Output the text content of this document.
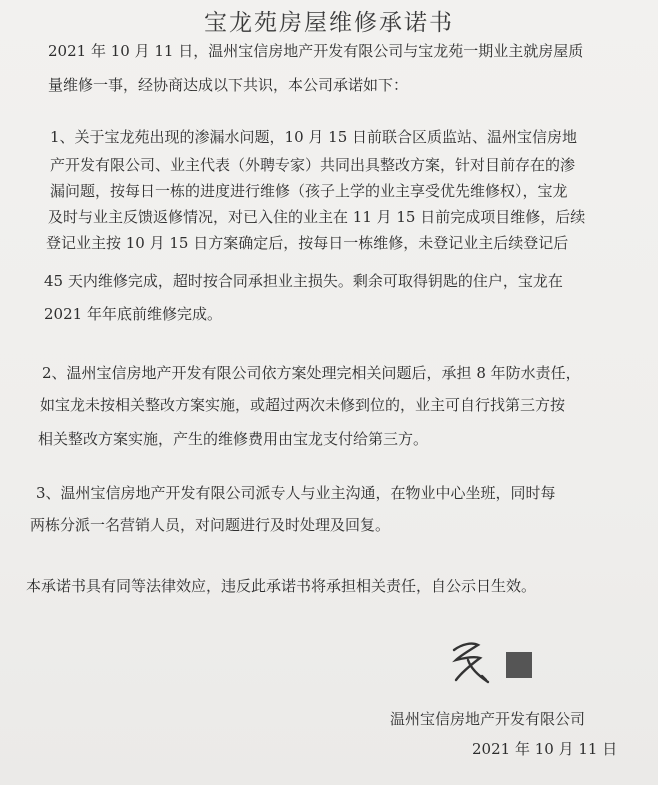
宝龙苑房屋维修承诺书
2021 年 10 月 11 日，温州宝信房地产开发有限公司与宝龙苑一期业主就房屋质
量维修一事，经协商达成以下共识，本公司承诺如下：
1、关于宝龙苑出现的渗漏水问题，10 月 15 日前联合区质监站、温州宝信房地
产开发有限公司、业主代表（外聘专家）共同出具整改方案，针对目前存在的渗
漏问题，按每日一栋的进度进行维修（孩子上学的业主享受优先维修权），宝龙
及时与业主反馈返修情况，对已入住的业主在 11 月 15 日前完成项目维修，后续
登记业主按 10 月 15 日方案确定后，按每日一栋维修，未登记业主后续登记后
45 天内维修完成，超时按合同承担业主损失。剩余可取得钥匙的住户，宝龙在
2021 年年底前维修完成。
2、温州宝信房地产开发有限公司依方案处理完相关问题后，承担 8 年防水责任，
如宝龙未按相关整改方案实施，或超过两次未修到位的，业主可自行找第三方按
相关整改方案实施，产生的维修费用由宝龙支付给第三方。
3、温州宝信房地产开发有限公司派专人与业主沟通，在物业中心坐班，同时每
两栋分派一名营销人员，对问题进行及时处理及回复。
本承诺书具有同等法律效应，违反此承诺书将承担相关责任，自公示日生效。
温州宝信房地产开发有限公司
2021 年 10 月 11 日
